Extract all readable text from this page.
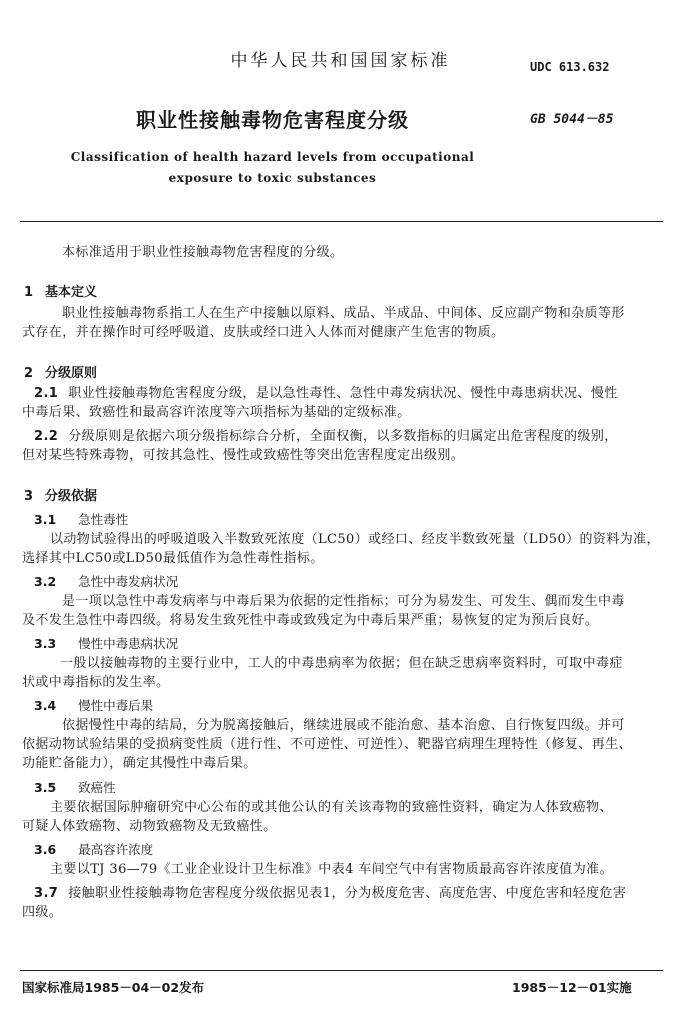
中华人民共和国国家标准	UDC 613.632
职业性接触毒物危害程度分级	GB 5044－85
Classification of health hazard levels from occupational
exposure to toxic substances
本标准适用于职业性接触毒物危害程度的分级。
1 基本定义
职业性接触毒物系指工人在生产中接触以原料、成品、半成品、中间体、反应副产物和杂质等形
式存在，并在操作时可经呼吸道、皮肤或经口进入人体而对健康产生危害的物质。
2 分级原则
2.1 职业性接触毒物危害程度分级，是以急性毒性、急性中毒发病状况、慢性中毒患病状况、慢性
中毒后果、致癌性和最高容许浓度等六项指标为基础的定级标准。
2.2 分级原则是依据六项分级指标综合分析，全面权衡，以多数指标的归属定出危害程度的级别，
但对某些特殊毒物，可按其急性、慢性或致癌性等突出危害程度定出级别。
3 分级依据
3.1 急性毒性
以动物试验得出的呼吸道吸入半数致死浓度（LC50）或经口、经皮半数致死量（LD50）的资料为准，
选择其中LC50或LD50最低值作为急性毒性指标。
3.2 急性中毒发病状况
是一项以急性中毒发病率与中毒后果为依据的定性指标；可分为易发生、可发生、偶而发生中毒
及不发生急性中毒四级。将易发生致死性中毒或致残定为中毒后果严重；易恢复的定为预后良好。
3.3 慢性中毒患病状况
一般以接触毒物的主要行业中，工人的中毒患病率为依据；但在缺乏患病率资料时，可取中毒症
状或中毒指标的发生率。
3.4 慢性中毒后果
依据慢性中毒的结局，分为脱离接触后，继续进展或不能治愈、基本治愈、自行恢复四级。并可
依据动物试验结果的受损病变性质（进行性、不可逆性、可逆性）、靶器官病理生理特性（修复、再生、
功能贮备能力），确定其慢性中毒后果。
3.5 致癌性
主要依据国际肿瘤研究中心公布的或其他公认的有关该毒物的致癌性资料，确定为人体致癌物、
可疑人体致癌物、动物致癌物及无致癌性。
3.6 最高容许浓度
主要以TJ 36—79《工业企业设计卫生标准》中表4 车间空气中有害物质最高容许浓度值为准。
3.7 接触职业性接触毒物危害程度分级依据见表1，分为极度危害、高度危害、中度危害和轻度危害
四级。
国家标准局1985－04－02发布	1985－12－01实施
